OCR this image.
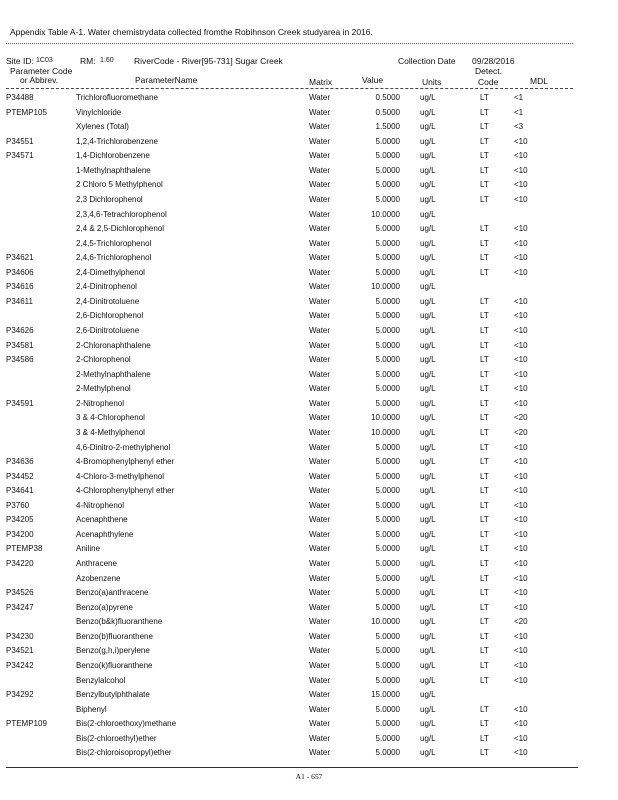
Appendix Table A-1. Water chemistrydata collected fromthe Robihnson Creek studyarea in 2016.
Site ID: 1C03	RM: 1.60 RiverCode - River[95-731] Sugar Creek	Collection Date 09/28/2016
Parameter Code
or Abbrev.	ParameterName	Matrix	Value	Units
Detect.
Code	MDL
P34488	Trichlorofluoromethane	Water	0.5000	ug/L	LT	<1
PTEMP105	Vinylchloride	Water	0.5000	ug/L	LT	<1
Xylenes (Total)	Water	1.5000	ug/L	LT	<3
P34551	1,2,4-Trichlorobenzene	Water	5.0000	ug/L	LT	<10
P34571	1,4-Dichlorobenzene	Water	5.0000	ug/L	LT	<10
1-Methylnaphthalene	Water	5.0000	ug/L	LT	<10
2 Chloro 5 Methylphenol	Water	5.0000	ug/L	LT	<10
2,3 Dichlorophenol	Water	5.0000	ug/L	LT	<10
2,3,4,6-Tetrachlorophenol	Water	10.0000	ug/L
2,4 & 2,5-Dichlorophenol	Water	5.0000	ug/L	LT	<10
2,4,5-Trichlorophenol	Water	5.0000	ug/L	LT	<10
P34621	2,4,6-Trichlorophenol	Water	5.0000	ug/L	LT	<10
P34606	2,4-Dimethylphenol	Water	5.0000	ug/L	LT	<10
P34616	2,4-Dinitrophenol	Water	10.0000	ug/L
P34611	2,4-Dinitrotoluene	Water	5.0000	ug/L	LT	<10
2,6-Dichlorophenol	Water	5.0000	ug/L	LT	<10
P34626	2,6-Dinitrotoluene	Water	5.0000	ug/L	LT	<10
P34581	2-Chloronaphthalene	Water	5.0000	ug/L	LT	<10
P34586	2-Chlorophenol	Water	5.0000	ug/L	LT	<10
2-Methylnaphthalene	Water	5.0000	ug/L	LT	<10
2-Methylphenol	Water	5.0000	ug/L	LT	<10
P34591	2-Nitrophenol	Water	5.0000	ug/L	LT	<10
3 & 4-Chlorophenol	Water	10.0000	ug/L	LT	<20
3 & 4-Methylphenol	Water	10.0000	ug/L	LT	<20
4,6-Dinitro-2-methylphenol	Water	5.0000	ug/L	LT	<10
P34636	4-Bromophenylphenyl ether	Water	5.0000	ug/L	LT	<10
P34452	4-Chloro-3-methylphenol	Water	5.0000	ug/L	LT	<10
P34641	4-Chlorophenylphenyl ether	Water	5.0000	ug/L	LT	<10
P3760	4-Nitrophenol	Water	5.0000	ug/L	LT	<10
P34205	Acenaphthene	Water	5.0000	ug/L	LT	<10
P34200	Acenaphthylene	Water	5.0000	ug/L	LT	<10
PTEMP38	Aniline	Water	5.0000	ug/L	LT	<10
P34220	Anthracene	Water	5.0000	ug/L	LT	<10
Azobenzene	Water	5.0000	ug/L	LT	<10
P34526	Benzo(a)anthracene	Water	5.0000	ug/L	LT	<10
P34247	Benzo(a)pyrene	Water	5.0000	ug/L	LT	<10
Benzo(b&k)fluoranthene	Water	10.0000	ug/L	LT	<20
P34230	Benzo(b)fluoranthene	Water	5.0000	ug/L	LT	<10
P34521	Benzo(g,h,i)perylene	Water	5.0000	ug/L	LT	<10
P34242	Benzo(k)fluoranthene	Water	5.0000	ug/L	LT	<10
Benzylalcohol	Water	5.0000	ug/L	LT	<10
P34292	Benzylbutylphthalate	Water	15.0000	ug/L
Biphenyl	Water	5.0000	ug/L	LT	<10
PTEMP109	Bis(2-chloroethoxy)methane	Water	5.0000	ug/L	LT	<10
Bis(2-chloroethyl)ether	Water	5.0000	ug/L	LT	<10
Bis(2-chloroisopropyl)ether	Water	5.0000	ug/L	LT	<10
A1 - 657
